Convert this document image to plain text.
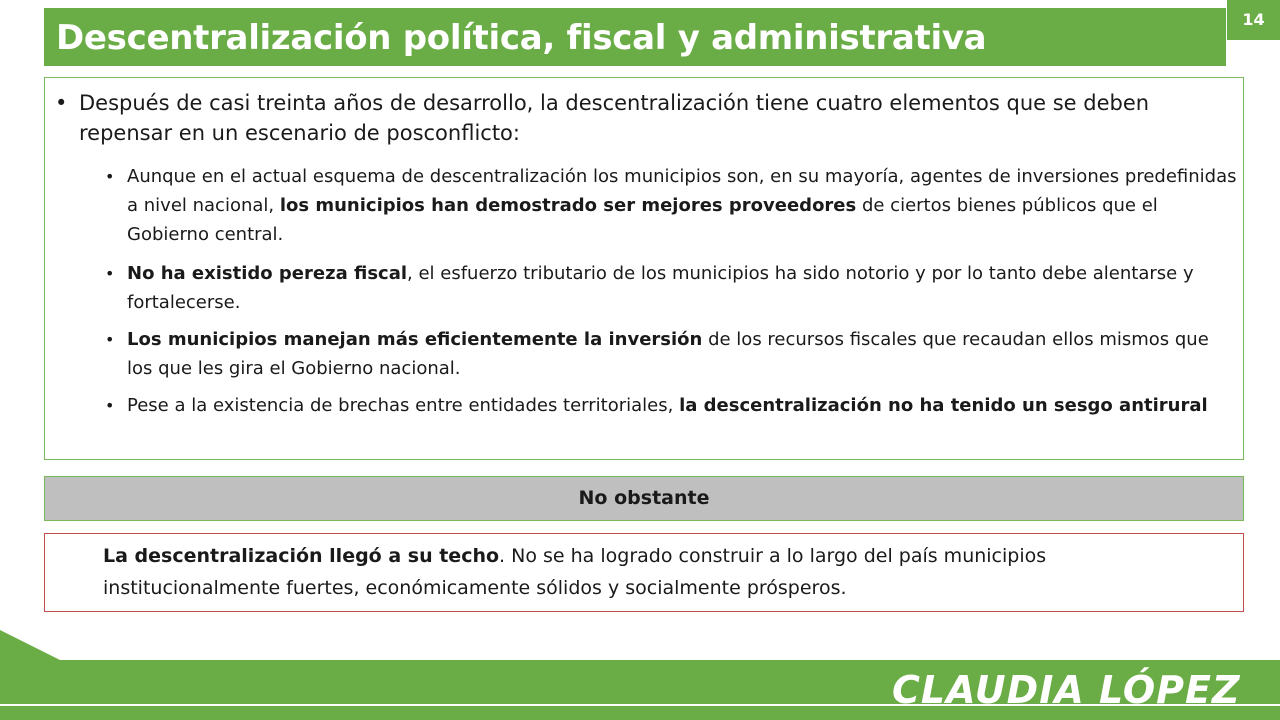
Descentralización política, fiscal y administrativa	14
• Después de casi treinta años de desarrollo, la descentralización tiene cuatro elementos que se deben repensar en un escenario de posconflicto:
• Aunque en el actual esquema de descentralización los municipios son, en su mayoría, agentes de inversiones predefinidas a nivel nacional, los municipios han demostrado ser mejores proveedores de ciertos bienes públicos que el Gobierno central.
• No ha existido pereza fiscal, el esfuerzo tributario de los municipios ha sido notorio y por lo tanto debe alentarse y fortalecerse.
• Los municipios manejan más eficientemente la inversión de los recursos fiscales que recaudan ellos mismos que los que les gira el Gobierno nacional.
• Pese a la existencia de brechas entre entidades territoriales, la descentralización no ha tenido un sesgo antirural
No obstante

La descentralización llegó a su techo. No se ha logrado construir a lo largo del país municipios institucionalmente fuertes, económicamente sólidos y socialmente prósperos.

CLAUDIA LÓPEZ
